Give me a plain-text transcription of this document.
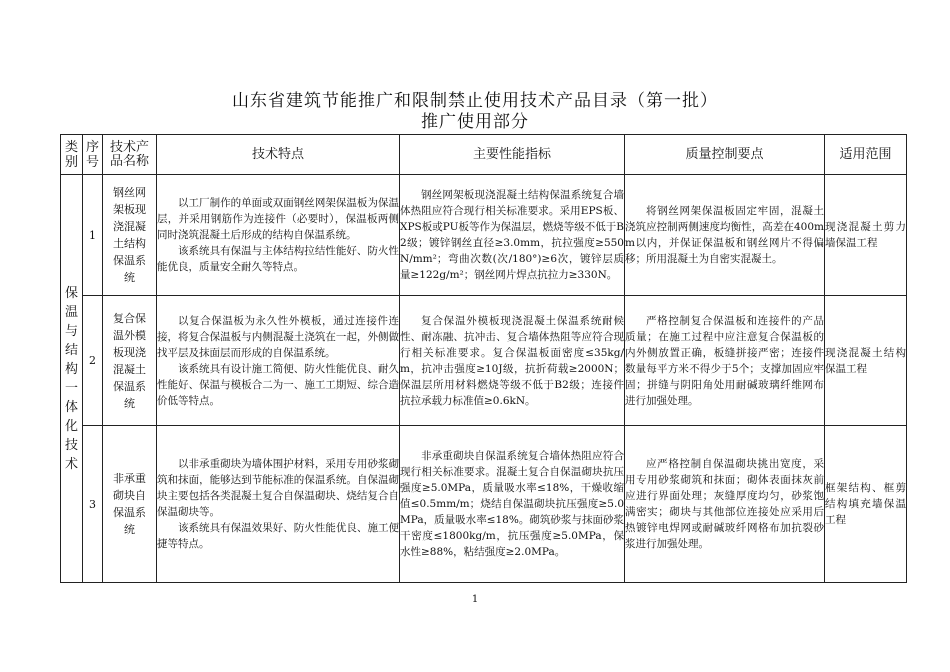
山东省建筑节能推广和限制禁止使用技术产品目录（第一批）
推广使用部分
类别	序号	技术产品名称	技术特点	主要性能指标	质量控制要点	适用范围

保温与结构一体化技术	1	钢丝网架板现浇混凝土结构保温系统	以工厂制作的单面或双面钢丝网架保温板为保温层，并采用钢筋作为连接件（必要时），保温板两侧同时浇筑混凝土后形成的结构自保温系统。

该系统具有保温与主体结构拉结性能好、防火性能优良，质量安全耐久等特点。	钢丝网架板现浇混凝土结构保温系统复合墙体热阻应符合现行相关标准要求。采用EPS板、XPS板或PU板等作为保温层，燃烧等级不低于B2级；镀锌钢丝直径≥3.0mm，抗拉强度≥550N/mm²；弯曲次数(次/180°)≥6次，镀锌层质量≥122g/m²；钢丝网片焊点抗拉力≥330N。	将钢丝网架保温板固定牢固，混凝土浇筑应控制两侧速度均衡性，高差在400mm以内，并保证保温板和钢丝网片不得偏移；所用混凝土为自密实混凝土。	现浇混凝土剪力墙保温工程
	2	复合保温外模板现浇混凝土保温系统	以复合保温板为永久性外模板，通过连接件连接，将复合保温板与内侧混凝土浇筑在一起，外侧做找平层及抹面层而形成的自保温系统。

该系统具有设计施工简便、防火性能优良、耐久性能好、保温与模板合二为一、施工工期短、综合造价低等特点。	复合保温外模板现浇混凝土保温系统耐候性、耐冻融、抗冲击、复合墙体热阻等应符合现行相关标准要求。复合保温板面密度≤35kg/m，抗冲击强度≥10J级，抗折荷载≥2000N；保温层所用材料燃烧等级不低于B2级；连接件抗拉承载力标准值≥0.6kN。	严格控制复合保温板和连接件的产品质量；在施工过程中应注意复合保温板的内外侧放置正确，板缝拼接严密；连接件数量每平方米不得少于5个；支撑加固应牢固；拼缝与阴阳角处用耐碱玻璃纤维网布进行加强处理。	现浇混凝土结构保温工程
	3	非承重砌块自保温系统	以非承重砌块为墙体围护材料，采用专用砂浆砌筑和抹面，能够达到节能标准的保温系统。自保温砌块主要包括各类混凝土复合自保温砌块、烧结复合自保温砌块等。

该系统具有保温效果好、防火性能优良、施工便捷等特点。	非承重砌块自保温系统复合墙体热阻应符合现行相关标准要求。混凝土复合自保温砌块抗压强度≥5.0MPa，质量吸水率≤18%，干燥收缩值≤0.5mm/m；烧结自保温砌块抗压强度≥5.0MPa，质量吸水率≤18%。砌筑砂浆与抹面砂浆干密度≤1800kg/m，抗压强度≥5.0MPa，保水性≥88%，粘结强度≥2.0MPa。	应严格控制自保温砌块挑出宽度，采用专用砂浆砌筑和抹面；砌体表面抹灰前应进行界面处理；灰缝厚度均匀，砂浆饱满密实；砌块与其他部位连接处应采用后热镀锌电焊网或耐碱玻纤网格布加抗裂砂浆进行加强处理。	框架结构、框剪结构填充墙保温工程
1
